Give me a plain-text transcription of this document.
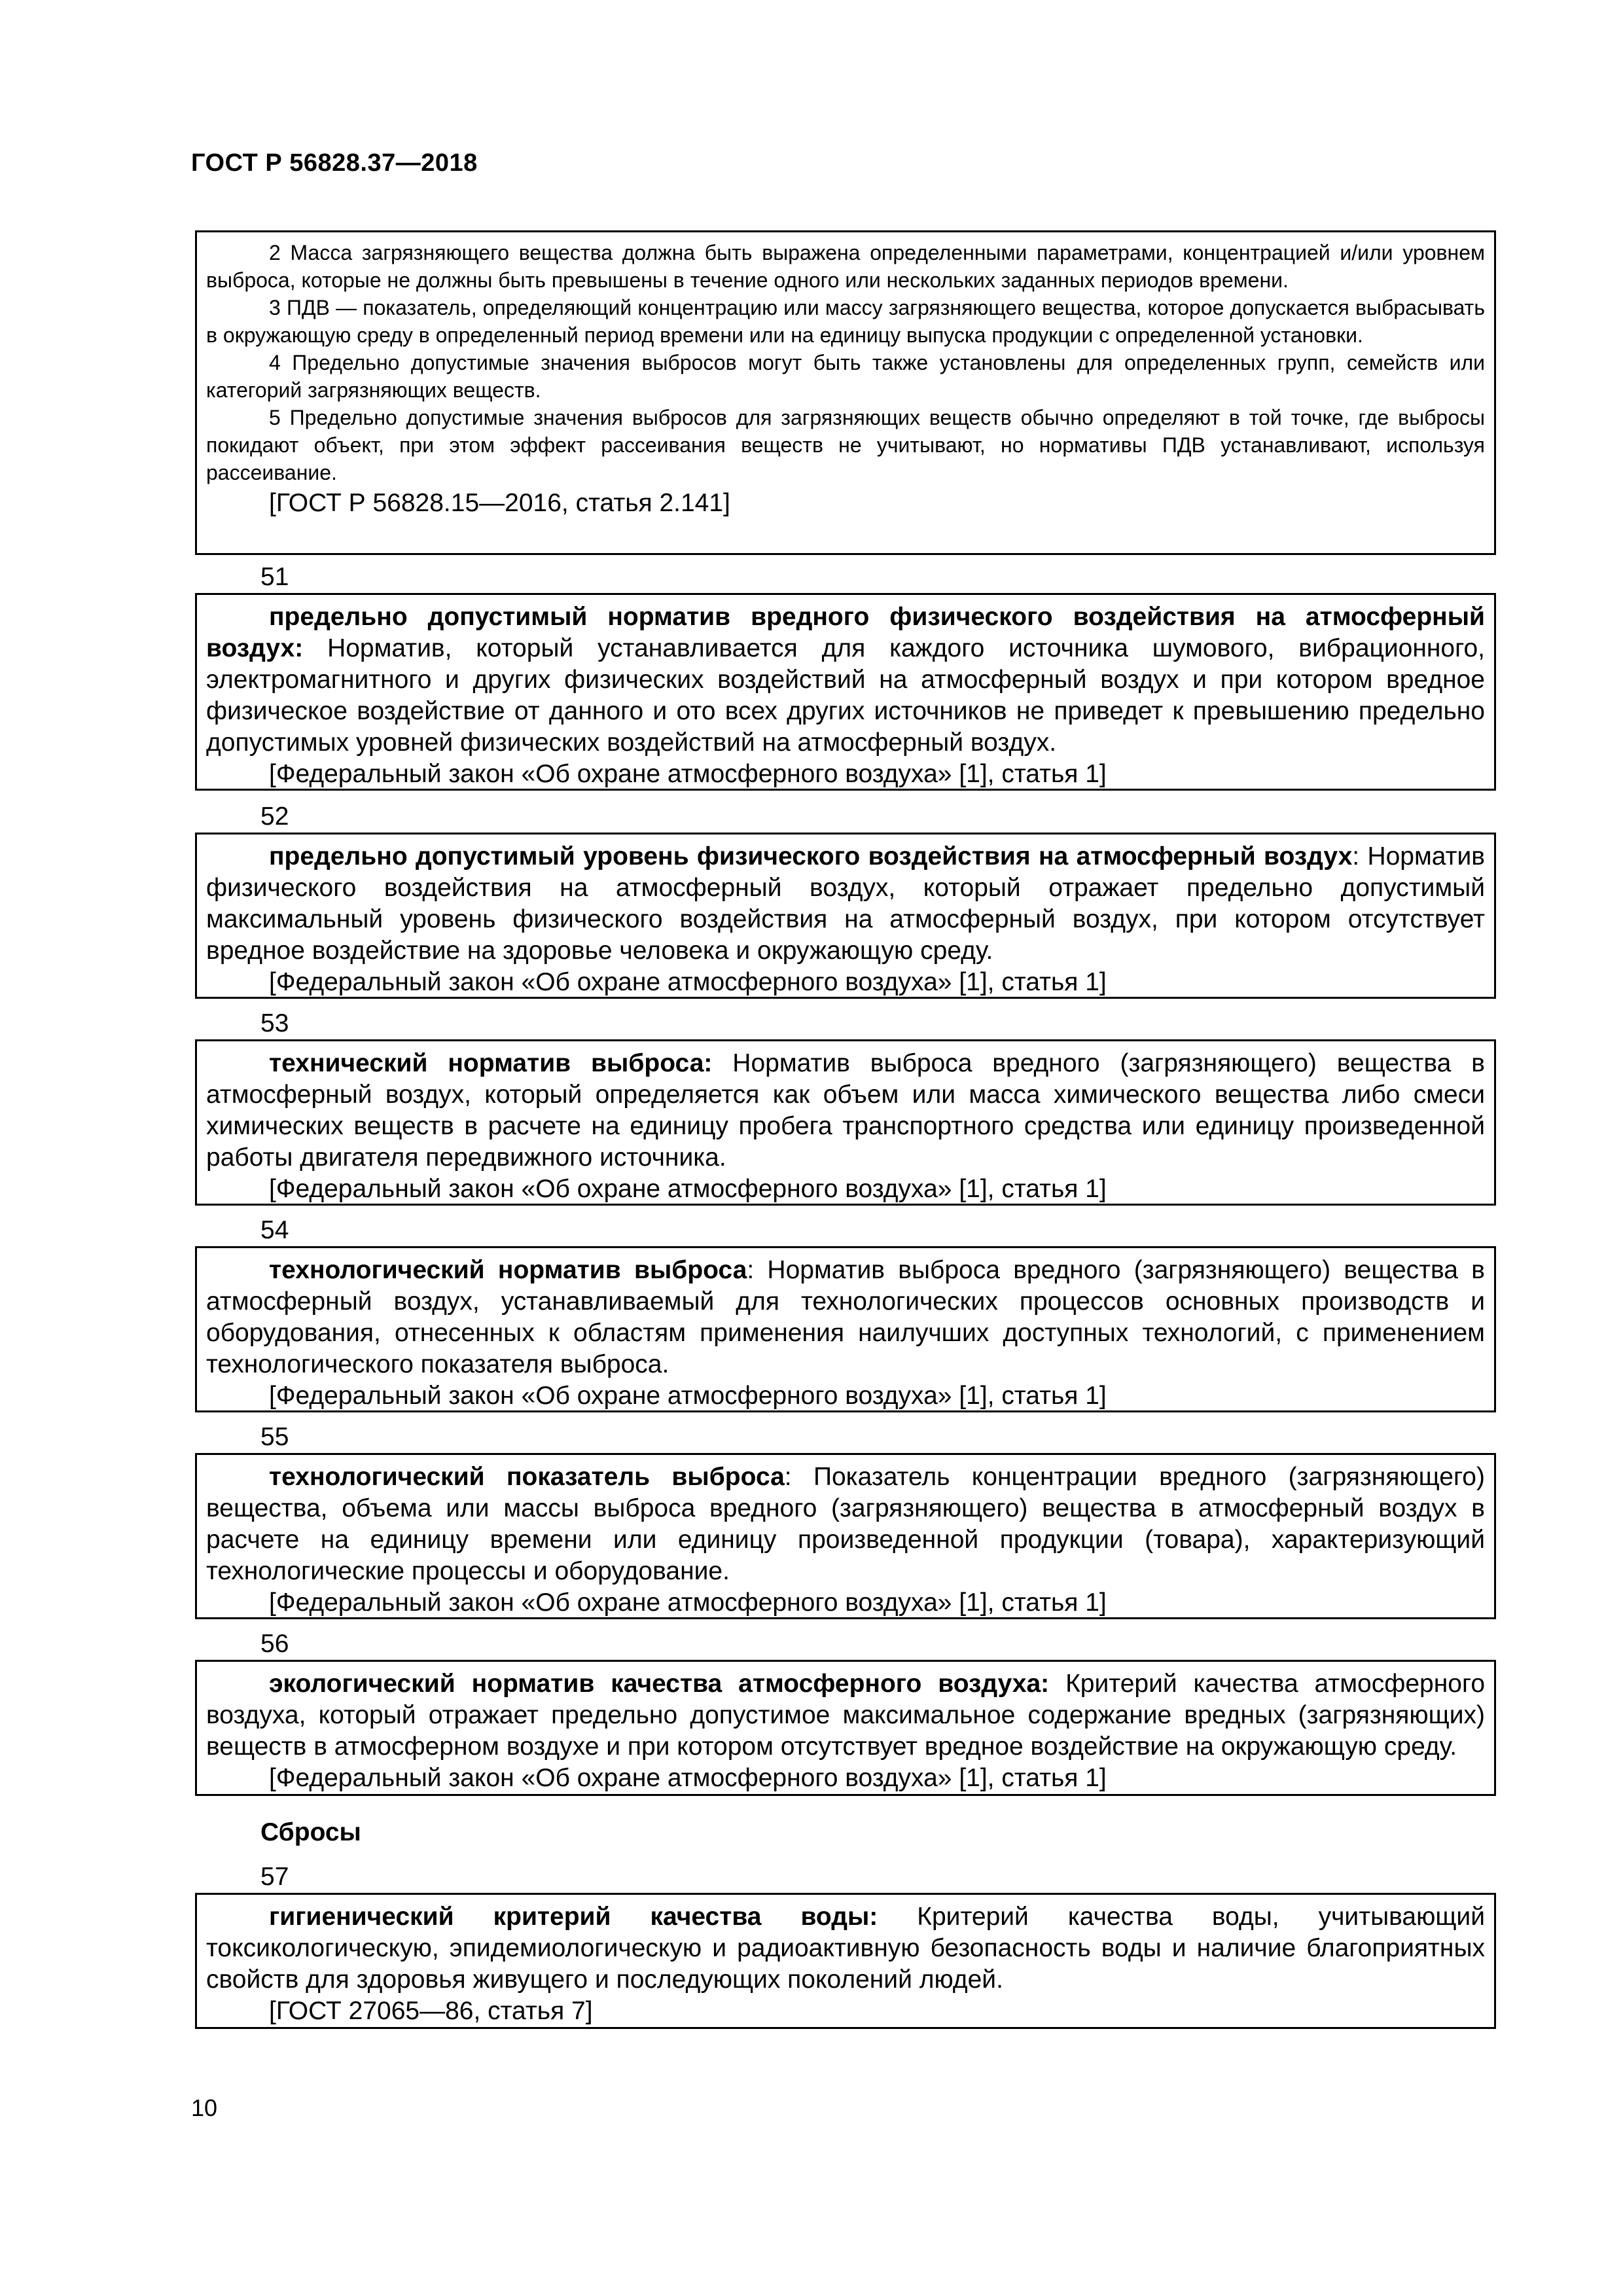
ГОСТ Р 56828.37—2018

2 Масса загрязняющего вещества должна быть выражена определенными параметрами, концентрацией и/или уровнем выброса, которые не должны быть превышены в течение одного или нескольких заданных периодов времени.

3 ПДВ — показатель, определяющий концентрацию или массу загрязняющего вещества, которое допускается выбрасывать в окружающую среду в определенный период времени или на единицу выпуска продукции с определенной установки.

4 Предельно допустимые значения выбросов могут быть также установлены для определенных групп, семейств или категорий загрязняющих веществ.

5 Предельно допустимые значения выбросов для загрязняющих веществ обычно определяют в той точке, где выбросы покидают объект, при этом эффект рассеивания веществ не учитывают, но нормативы ПДВ устанавливают, используя рассеивание.

[ГОСТ Р 56828.15—2016, статья 2.141]

51

предельно допустимый норматив вредного физического воздействия на атмосферный воздух: Норматив, который устанавливается для каждого источника шумового, вибрационного, электромагнитного и других физических воздействий на атмосферный воздух и при котором вредное физическое воздействие от данного и ото всех других источников не приведет к превышению предельно допустимых уровней физических воздействий на атмосферный воздух.

[Федеральный закон «Об охране атмосферного воздуха» [1], статья 1]

52

предельно допустимый уровень физического воздействия на атмосферный воздух: Норматив физического воздействия на атмосферный воздух, который отражает предельно допустимый максимальный уровень физического воздействия на атмосферный воздух, при котором отсутствует вредное воздействие на здоровье человека и окружающую среду.

[Федеральный закон «Об охране атмосферного воздуха» [1], статья 1]

53

технический норматив выброса: Норматив выброса вредного (загрязняющего) вещества в атмосферный воздух, который определяется как объем или масса химического вещества либо смеси химических веществ в расчете на единицу пробега транспортного средства или единицу произведенной работы двигателя передвижного источника.

[Федеральный закон «Об охране атмосферного воздуха» [1], статья 1]

54

технологический норматив выброса: Норматив выброса вредного (загрязняющего) вещества в атмосферный воздух, устанавливаемый для технологических процессов основных производств и оборудования, отнесенных к областям применения наилучших доступных технологий, с применением технологического показателя выброса.

[Федеральный закон «Об охране атмосферного воздуха» [1], статья 1]

55

технологический показатель выброса: Показатель концентрации вредного (загрязняющего) вещества, объема или массы выброса вредного (загрязняющего) вещества в атмосферный воздух в расчете на единицу времени или единицу произведенной продукции (товара), характеризующий технологические процессы и оборудование.

[Федеральный закон «Об охране атмосферного воздуха» [1], статья 1]

56

экологический норматив качества атмосферного воздуха: Критерий качества атмосферного воздуха, который отражает предельно допустимое максимальное содержание вредных (загрязняющих) веществ в атмосферном воздухе и при котором отсутствует вредное воздействие на окружающую среду.

[Федеральный закон «Об охране атмосферного воздуха» [1], статья 1]

Сбросы
57

гигиенический критерий качества воды: Критерий качества воды, учитывающий токсикологическую, эпидемиологическую и радиоактивную безопасность воды и наличие благоприятных свойств для здоровья живущего и последующих поколений людей.

[ГОСТ 27065—86, статья 7]

10
